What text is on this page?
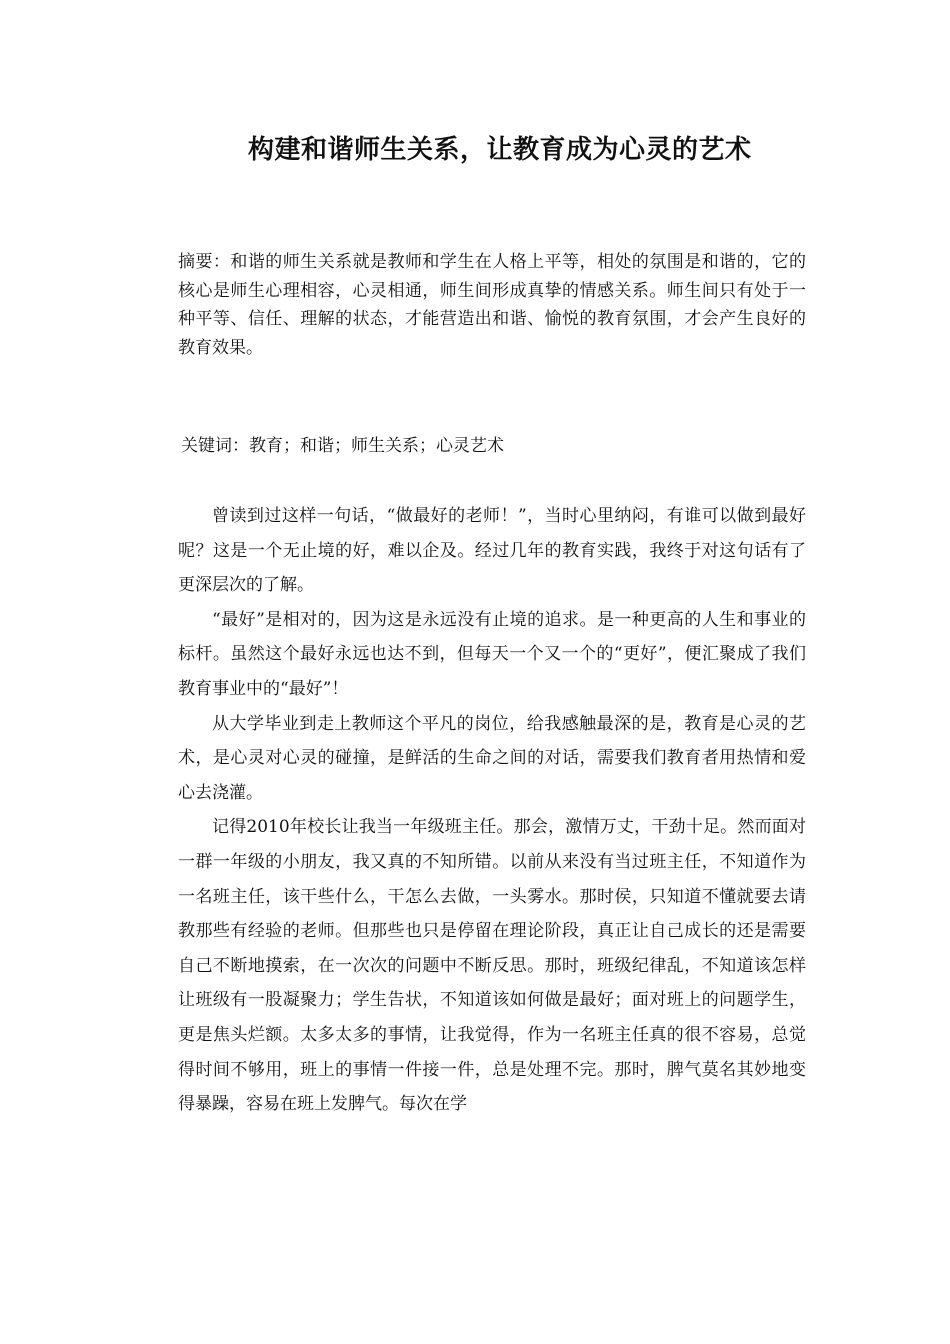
构建和谐师生关系，让教育成为心灵的艺术

摘要：和谐的师生关系就是教师和学生在人格上平等，相处的氛围是和谐的，它的核心是师生心理相容，心灵相通，师生间形成真挚的情感关系。师生间只有处于一种平等、信任、理解的状态，才能营造出和谐、愉悦的教育氛围，才会产生良好的教育效果。

关键词：教育；和谐；师生关系；心灵艺术

曾读到过这样一句话，“做最好的老师！”，当时心里纳闷，有谁可以做到最好呢？这是一个无止境的好，难以企及。经过几年的教育实践，我终于对这句话有了更深层次的了解。

“最好”是相对的，因为这是永远没有止境的追求。是一种更高的人生和事业的标杆。虽然这个最好永远也达不到，但每天一个又一个的“更好”，便汇聚成了我们教育事业中的“最好”！

从大学毕业到走上教师这个平凡的岗位，给我感触最深的是，教育是心灵的艺术，是心灵对心灵的碰撞，是鲜活的生命之间的对话，需要我们教育者用热情和爱心去浇灌。

记得2010年校长让我当一年级班主任。那会，激情万丈，干劲十足。然而面对一群一年级的小朋友，我又真的不知所错。以前从来没有当过班主任，不知道作为一名班主任，该干些什么，干怎么去做，一头雾水。那时侯，只知道不懂就要去请教那些有经验的老师。但那些也只是停留在理论阶段，真正让自己成长的还是需要自己不断地摸索，在一次次的问题中不断反思。那时，班级纪律乱，不知道该怎样让班级有一股凝聚力；学生告状，不知道该如何做是最好；面对班上的问题学生，更是焦头烂额。太多太多的事情，让我觉得，作为一名班主任真的很不容易，总觉得时间不够用，班上的事情一件接一件，总是处理不完。那时，脾气莫名其妙地变得暴躁，容易在班上发脾气。每次在学
